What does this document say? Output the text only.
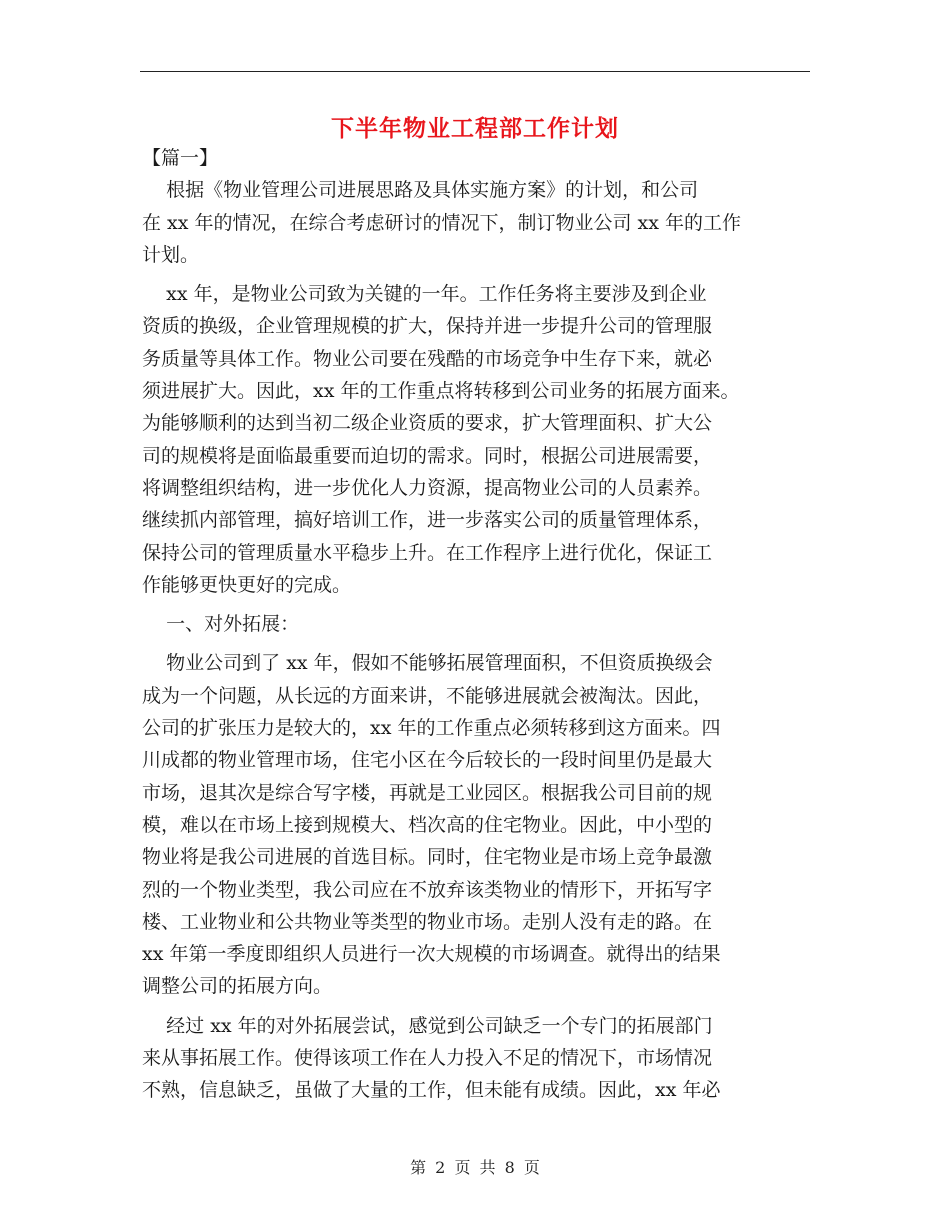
下半年物业工程部工作计划
【篇一】
根据《物业管理公司进展思路及具体实施方案》的计划，和公司
在 xx 年的情况，在综合考虑研讨的情况下，制订物业公司 xx 年的工作
计划。
xx 年，是物业公司致为关键的一年。工作任务将主要涉及到企业
资质的换级，企业管理规模的扩大，保持并进一步提升公司的管理服
务质量等具体工作。物业公司要在残酷的市场竞争中生存下来，就必
须进展扩大。因此，xx 年的工作重点将转移到公司业务的拓展方面来。
为能够顺利的达到当初二级企业资质的要求，扩大管理面积、扩大公
司的规模将是面临最重要而迫切的需求。同时，根据公司进展需要，
将调整组织结构，进一步优化人力资源，提高物业公司的人员素养。
继续抓内部管理，搞好培训工作，进一步落实公司的质量管理体系，
保持公司的管理质量水平稳步上升。在工作程序上进行优化，保证工
作能够更快更好的完成。
一、对外拓展：
物业公司到了 xx 年，假如不能够拓展管理面积，不但资质换级会
成为一个问题，从长远的方面来讲，不能够进展就会被淘汰。因此，
公司的扩张压力是较大的，xx 年的工作重点必须转移到这方面来。四
川成都的物业管理市场，住宅小区在今后较长的一段时间里仍是最大
市场，退其次是综合写字楼，再就是工业园区。根据我公司目前的规
模，难以在市场上接到规模大、档次高的住宅物业。因此，中小型的
物业将是我公司进展的首选目标。同时，住宅物业是市场上竞争最激
烈的一个物业类型，我公司应在不放弃该类物业的情形下，开拓写字
楼、工业物业和公共物业等类型的物业市场。走别人没有走的路。在
xx 年第一季度即组织人员进行一次大规模的市场调查。就得出的结果
调整公司的拓展方向。
经过 xx 年的对外拓展尝试，感觉到公司缺乏一个专门的拓展部门
来从事拓展工作。使得该项工作在人力投入不足的情况下，市场情况
不熟，信息缺乏，虽做了大量的工作，但未能有成绩。因此，xx 年必
第 2 页 共 8 页
